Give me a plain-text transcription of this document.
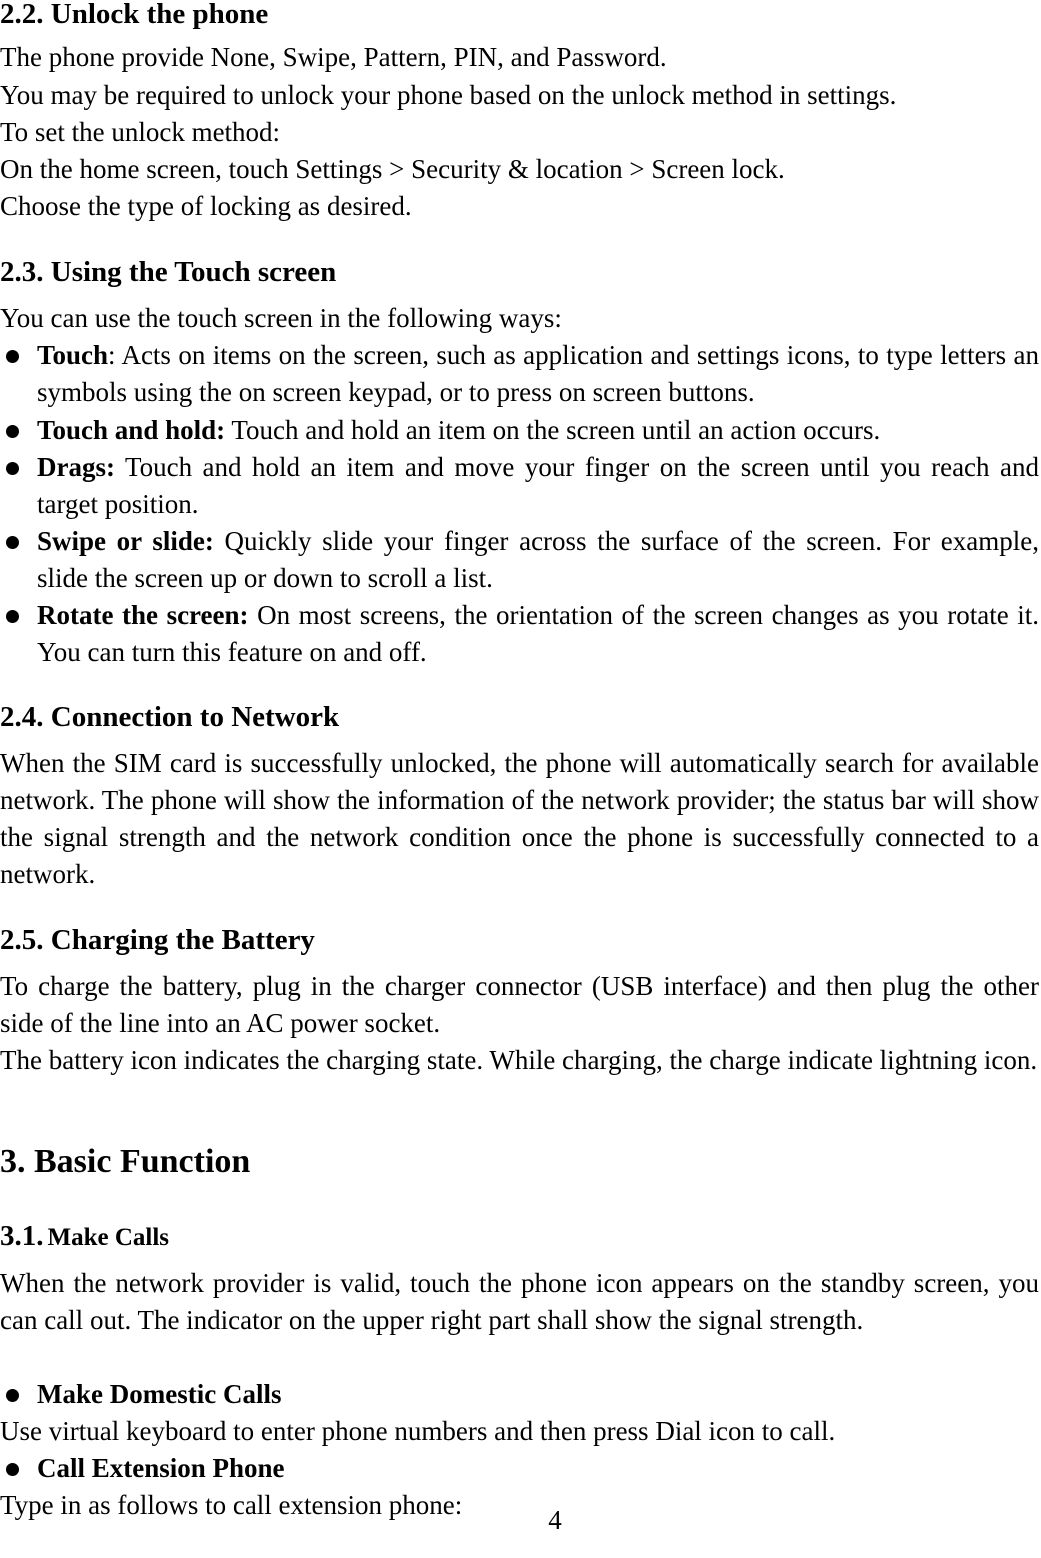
2.2. Unlock the phone
The phone provide None, Swipe, Pattern, PIN, and Password.
You may be required to unlock your phone based on the unlock method in settings.
To set the unlock method:
On the home screen, touch Settings > Security & location > Screen lock.
Choose the type of locking as desired.
2.3. Using the Touch screen
You can use the touch screen in the following ways:
Touch: Acts on items on the screen, such as application and settings icons, to type letters an symbols using the on screen keypad, or to press on screen buttons.
Touch and hold: Touch and hold an item on the screen until an action occurs.
Drags: Touch and hold an item and move your finger on the screen until you reach and target position.
Swipe or slide: Quickly slide your finger across the surface of the screen. For example, slide the screen up or down to scroll a list.
Rotate the screen: On most screens, the orientation of the screen changes as you rotate it. You can turn this feature on and off.
2.4. Connection to Network
When the SIM card is successfully unlocked, the phone will automatically search for available network. The phone will show the information of the network provider; the status bar will show the signal strength and the network condition once the phone is successfully connected to a network.
2.5. Charging the Battery
To charge the battery, plug in the charger connector (USB interface) and then plug the other side of the line into an AC power socket.
The battery icon indicates the charging state. While charging, the charge indicate lightning icon.
3. Basic Function
3.1. Make Calls
When the network provider is valid, touch the phone icon appears on the standby screen, you can call out. The indicator on the upper right part shall show the signal strength.
Make Domestic Calls
Use virtual keyboard to enter phone numbers and then press Dial icon to call.
Call Extension Phone
Type in as follows to call extension phone:	4
